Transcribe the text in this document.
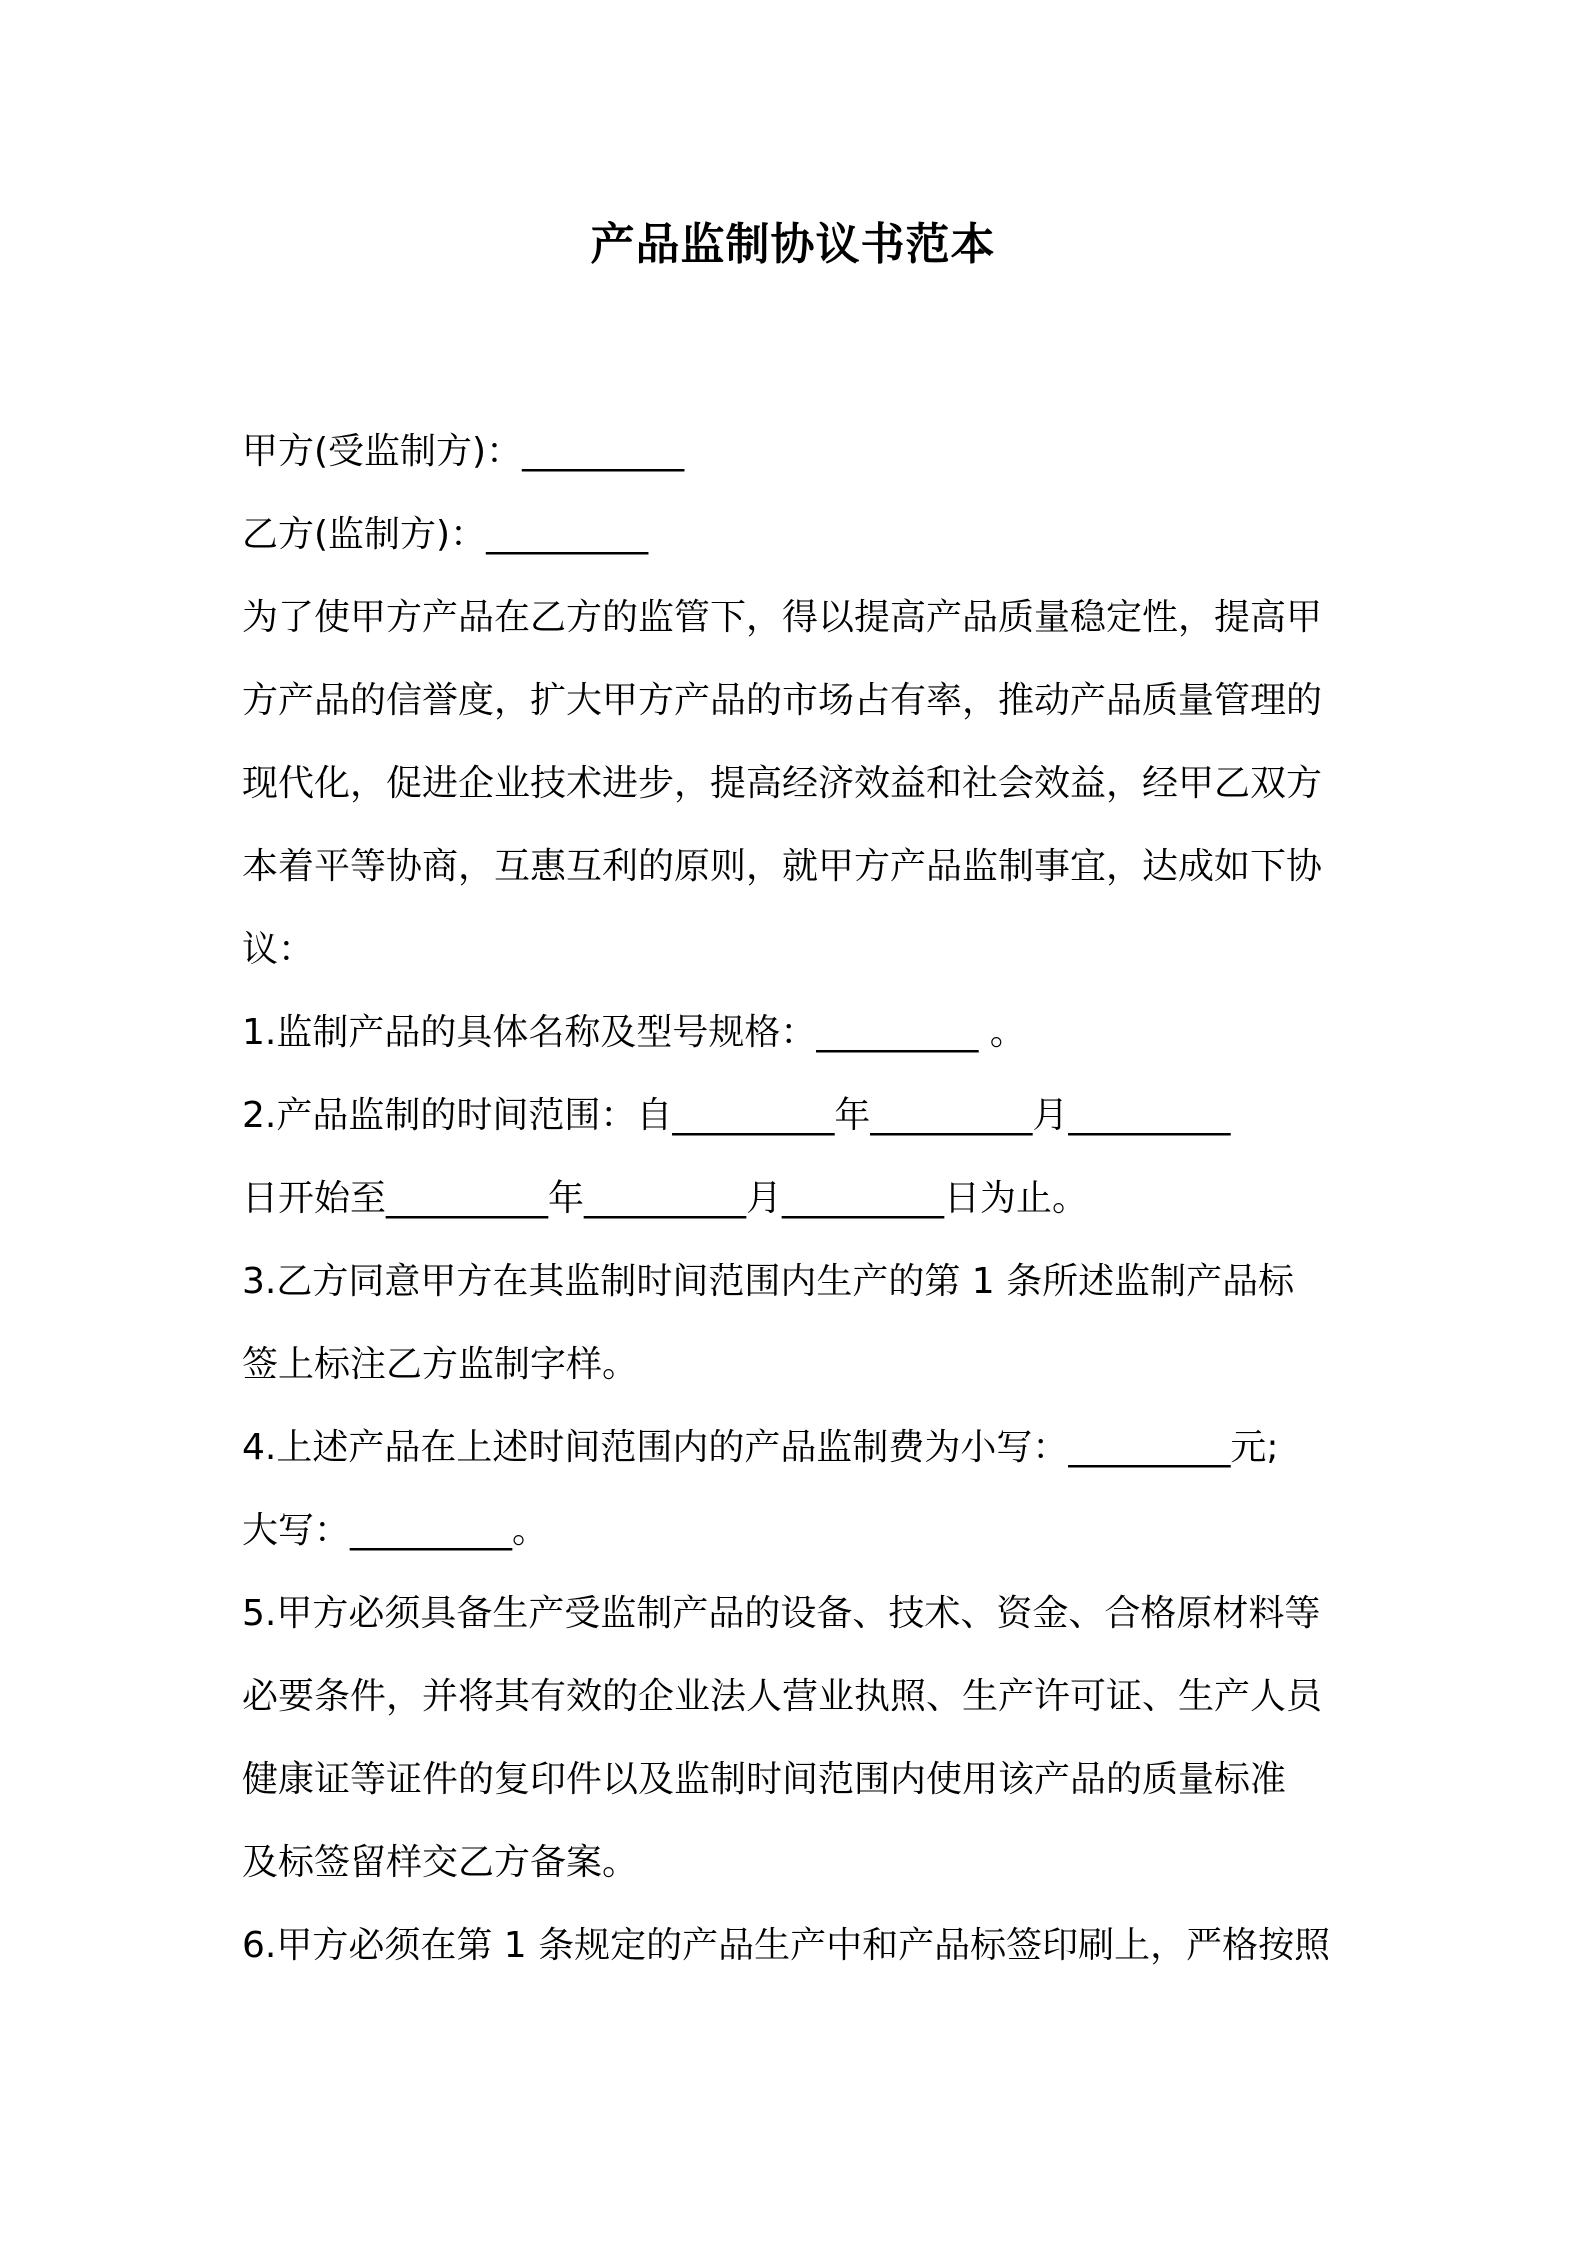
产品监制协议书范本

甲方(受监制方)：_________

乙方(监制方)：_________

为了使甲方产品在乙方的监管下，得以提高产品质量稳定性，提高甲

方产品的信誉度，扩大甲方产品的市场占有率，推动产品质量管理的

现代化，促进企业技术进步，提高经济效益和社会效益，经甲乙双方

本着平等协商，互惠互利的原则，就甲方产品监制事宜，达成如下协

议：

1.监制产品的具体名称及型号规格：_________ 。

2.产品监制的时间范围：自_________年_________月_________

日开始至_________年_________月_________日为止。

3.乙方同意甲方在其监制时间范围内生产的第 1 条所述监制产品标

签上标注乙方监制字样。

4.上述产品在上述时间范围内的产品监制费为小写：_________元;

大写：_________。

5.甲方必须具备生产受监制产品的设备、技术、资金、合格原材料等

必要条件，并将其有效的企业法人营业执照、生产许可证、生产人员

健康证等证件的复印件以及监制时间范围内使用该产品的质量标准

及标签留样交乙方备案。

6.甲方必须在第 1 条规定的产品生产中和产品标签印刷上，严格按照
